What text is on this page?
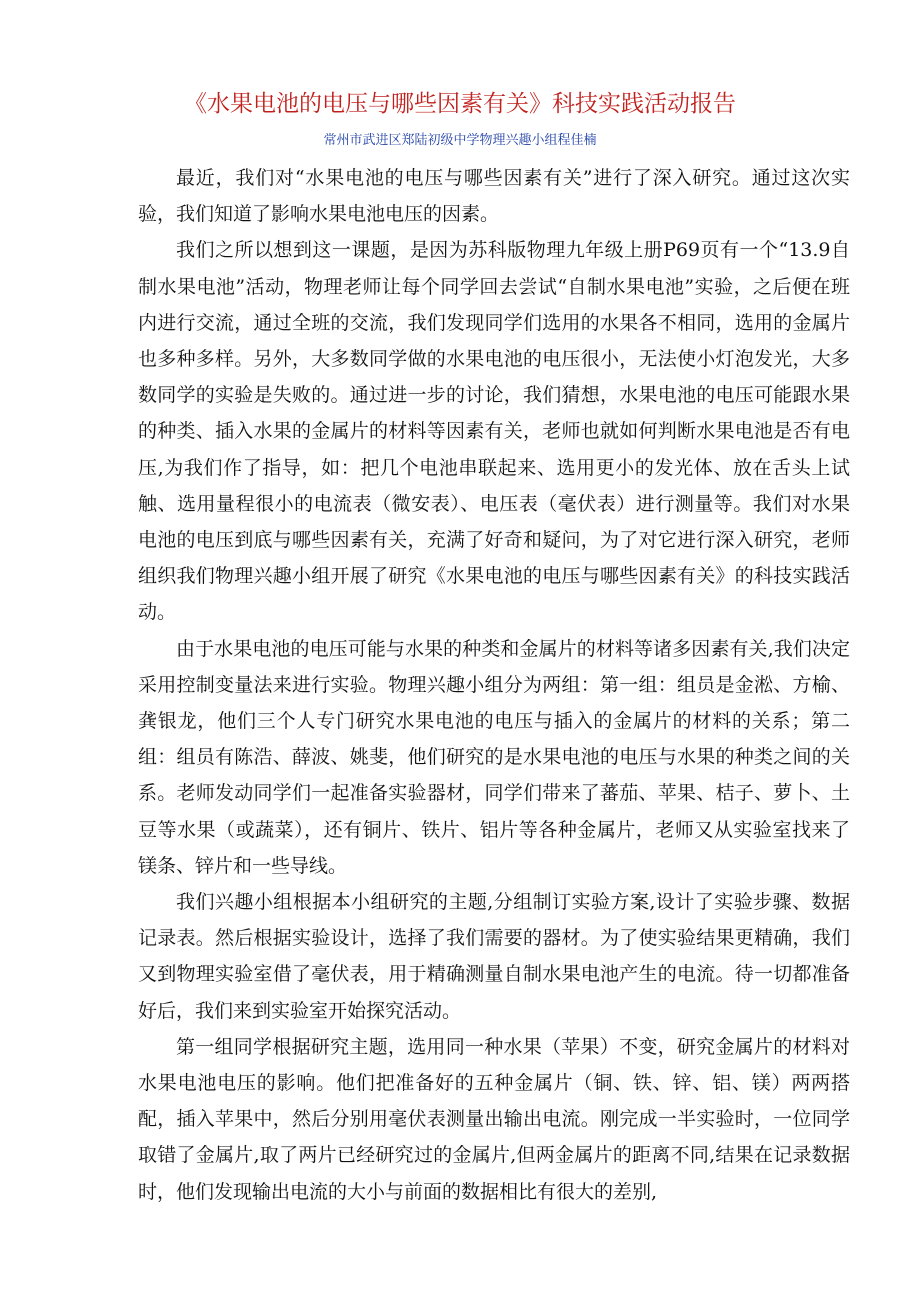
《水果电池的电压与哪些因素有关》科技实践活动报告
常州市武进区郑陆初级中学物理兴趣小组程佳楠

最近，我们对“水果电池的电压与哪些因素有关”进行了深入研究。通过这次实验，我们知道了影响水果电池电压的因素。

我们之所以想到这一课题，是因为苏科版物理九年级上册P69页有一个“13.9自制水果电池”活动，物理老师让每个同学回去尝试“自制水果电池”实验，之后便在班内进行交流，通过全班的交流，我们发现同学们选用的水果各不相同，选用的金属片也多种多样。另外，大多数同学做的水果电池的电压很小，无法使小灯泡发光，大多数同学的实验是失败的。通过进一步的讨论，我们猜想，水果电池的电压可能跟水果的种类、插入水果的金属片的材料等因素有关，老师也就如何判断水果电池是否有电压,为我们作了指导，如：把几个电池串联起来、选用更小的发光体、放在舌头上试触、选用量程很小的电流表（微安表）、电压表（毫伏表）进行测量等。我们对水果电池的电压到底与哪些因素有关，充满了好奇和疑问，为了对它进行深入研究，老师组织我们物理兴趣小组开展了研究《水果电池的电压与哪些因素有关》的科技实践活动。

由于水果电池的电压可能与水果的种类和金属片的材料等诸多因素有关,我们决定采用控制变量法来进行实验。物理兴趣小组分为两组：第一组：组员是金淞、方榆、龚银龙，他们三个人专门研究水果电池的电压与插入的金属片的材料的关系；第二组：组员有陈浩、薛波、姚斐，他们研究的是水果电池的电压与水果的种类之间的关系。老师发动同学们一起准备实验器材，同学们带来了蕃茄、苹果、桔子、萝卜、土豆等水果（或蔬菜），还有铜片、铁片、铝片等各种金属片，老师又从实验室找来了镁条、锌片和一些导线。

我们兴趣小组根据本小组研究的主题,分组制订实验方案,设计了实验步骤、数据记录表。然后根据实验设计，选择了我们需要的器材。为了使实验结果更精确，我们又到物理实验室借了毫伏表，用于精确测量自制水果电池产生的电流。待一切都准备好后，我们来到实验室开始探究活动。

第一组同学根据研究主题，选用同一种水果（苹果）不变，研究金属片的材料对水果电池电压的影响。他们把准备好的五种金属片（铜、铁、锌、铝、镁）两两搭配，插入苹果中，然后分别用毫伏表测量出输出电流。刚完成一半实验时，一位同学取错了金属片,取了两片已经研究过的金属片,但两金属片的距离不同,结果在记录数据时，他们发现输出电流的大小与前面的数据相比有很大的差别,
